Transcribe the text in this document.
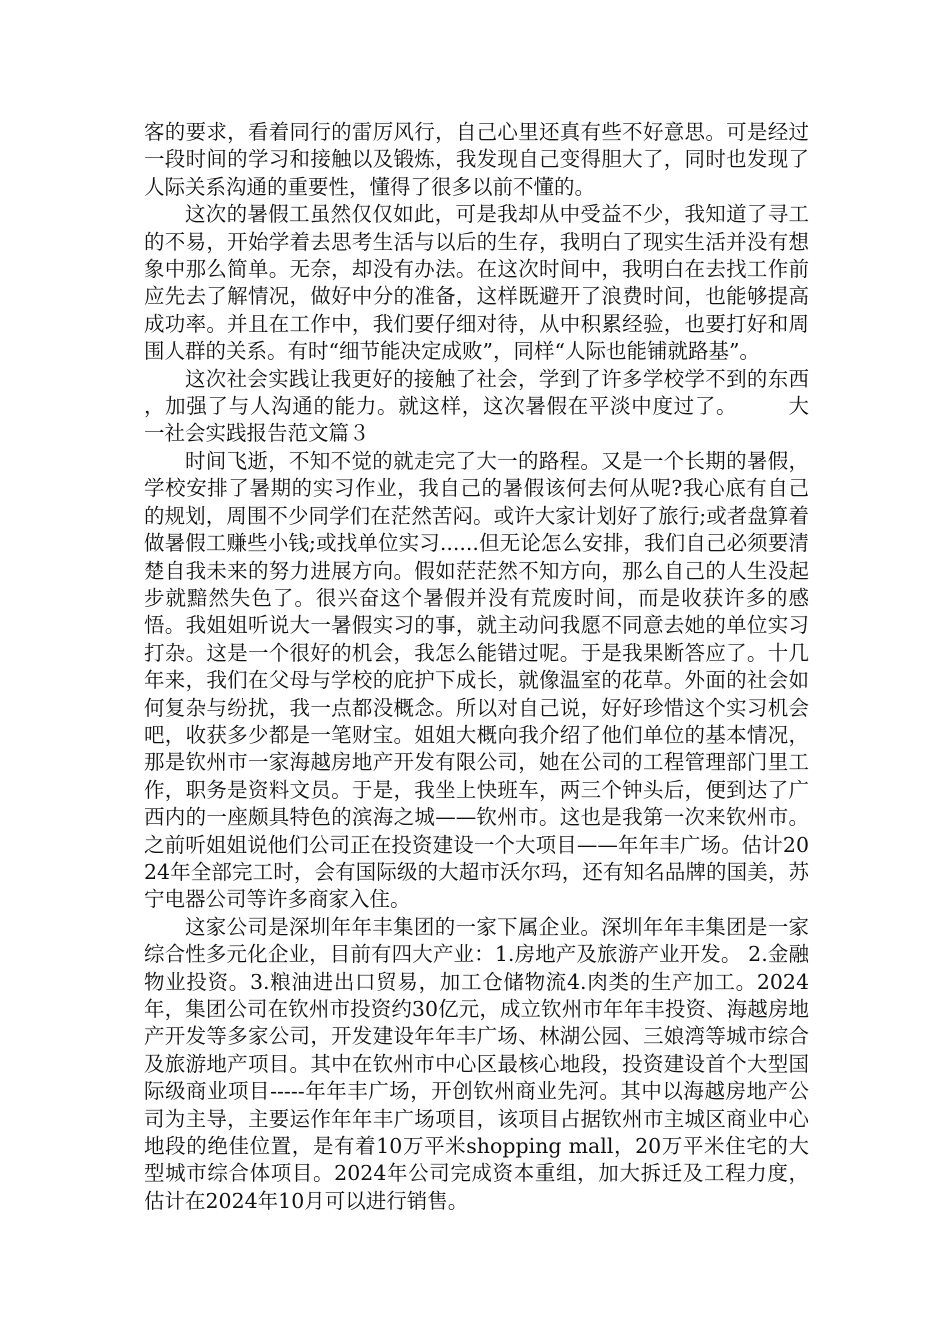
客的要求，看着同行的雷厉风行，自己心里还真有些不好意思。可是经过一段时间的学习和接触以及锻炼，我发现自己变得胆大了，同时也发现了人际关系沟通的重要性，懂得了很多以前不懂的。

这次的暑假工虽然仅仅如此，可是我却从中受益不少，我知道了寻工的不易，开始学着去思考生活与以后的生存，我明白了现实生活并没有想象中那么简单。无奈，却没有办法。在这次时间中，我明白在去找工作前应先去了解情况，做好中分的准备，这样既避开了浪费时间，也能够提高成功率。并且在工作中，我们要仔细对待，从中积累经验，也要打好和周围人群的关系。有时“细节能决定成败”，同样“人际也能铺就路基”。

这次社会实践让我更好的接触了社会，学到了许多学校学不到的东西 ，加强了与人沟通的能力。就这样，这次暑假在平淡中度过了。	大一社会实践报告范文篇３

时间飞逝，不知不觉的就走完了大一的路程。又是一个长期的暑假，学校安排了暑期的实习作业，我自己的暑假该何去何从呢?我心底有自己的规划，周围不少同学们在茫然苦闷。或许大家计划好了旅行;或者盘算着做暑假工赚些小钱;或找单位实习......但无论怎么安排，我们自己必须要清楚自我未来的努力进展方向。假如茫茫然不知方向，那么自己的人生没起步就黯然失色了。很兴奋这个暑假并没有荒废时间，而是收获许多的感悟。我姐姐听说大一暑假实习的事，就主动问我愿不同意去她的单位实习打杂。这是一个很好的机会，我怎么能错过呢。于是我果断答应了。十几年来，我们在父母与学校的庇护下成长，就像温室的花草。外面的社会如何复杂与纷扰，我一点都没概念。所以对自己说，好好珍惜这个实习机会吧，收获多少都是一笔财宝。姐姐大概向我介绍了他们单位的基本情况，那是钦州市一家海越房地产开发有限公司，她在公司的工程管理部门里工作，职务是资料文员。于是，我坐上快班车，两三个钟头后，便到达了广西内的一座颇具特色的滨海之城——钦州市。这也是我第一次来钦州市。之前听姐姐说他们公司正在投资建设一个大项目——年年丰广场。估计2024年全部完工时，会有国际级的大超市沃尔玛，还有知名品牌的国美，苏宁电器公司等许多商家入住。

这家公司是深圳年年丰集团的一家下属企业。深圳年年丰集团是一家综合性多元化企业，目前有四大产业：1.房地产及旅游产业开发。 2.金融物业投资。3.粮油进出口贸易，加工仓储物流4.肉类的生产加工。2024年，集团公司在钦州市投资约30亿元，成立钦州市年年丰投资、海越房地产开发等多家公司，开发建设年年丰广场、林湖公园、三娘湾等城市综合及旅游地产项目。其中在钦州市中心区最核心地段，投资建设首个大型国际级商业项目-----年年丰广场，开创钦州商业先河。其中以海越房地产公司为主导，主要运作年年丰广场项目，该项目占据钦州市主城区商业中心地段的绝佳位置，是有着10万平米shopping mall，20万平米住宅的大型城市综合体项目。2024年公司完成资本重组，加大拆迁及工程力度，估计在2024年10月可以进行销售。
